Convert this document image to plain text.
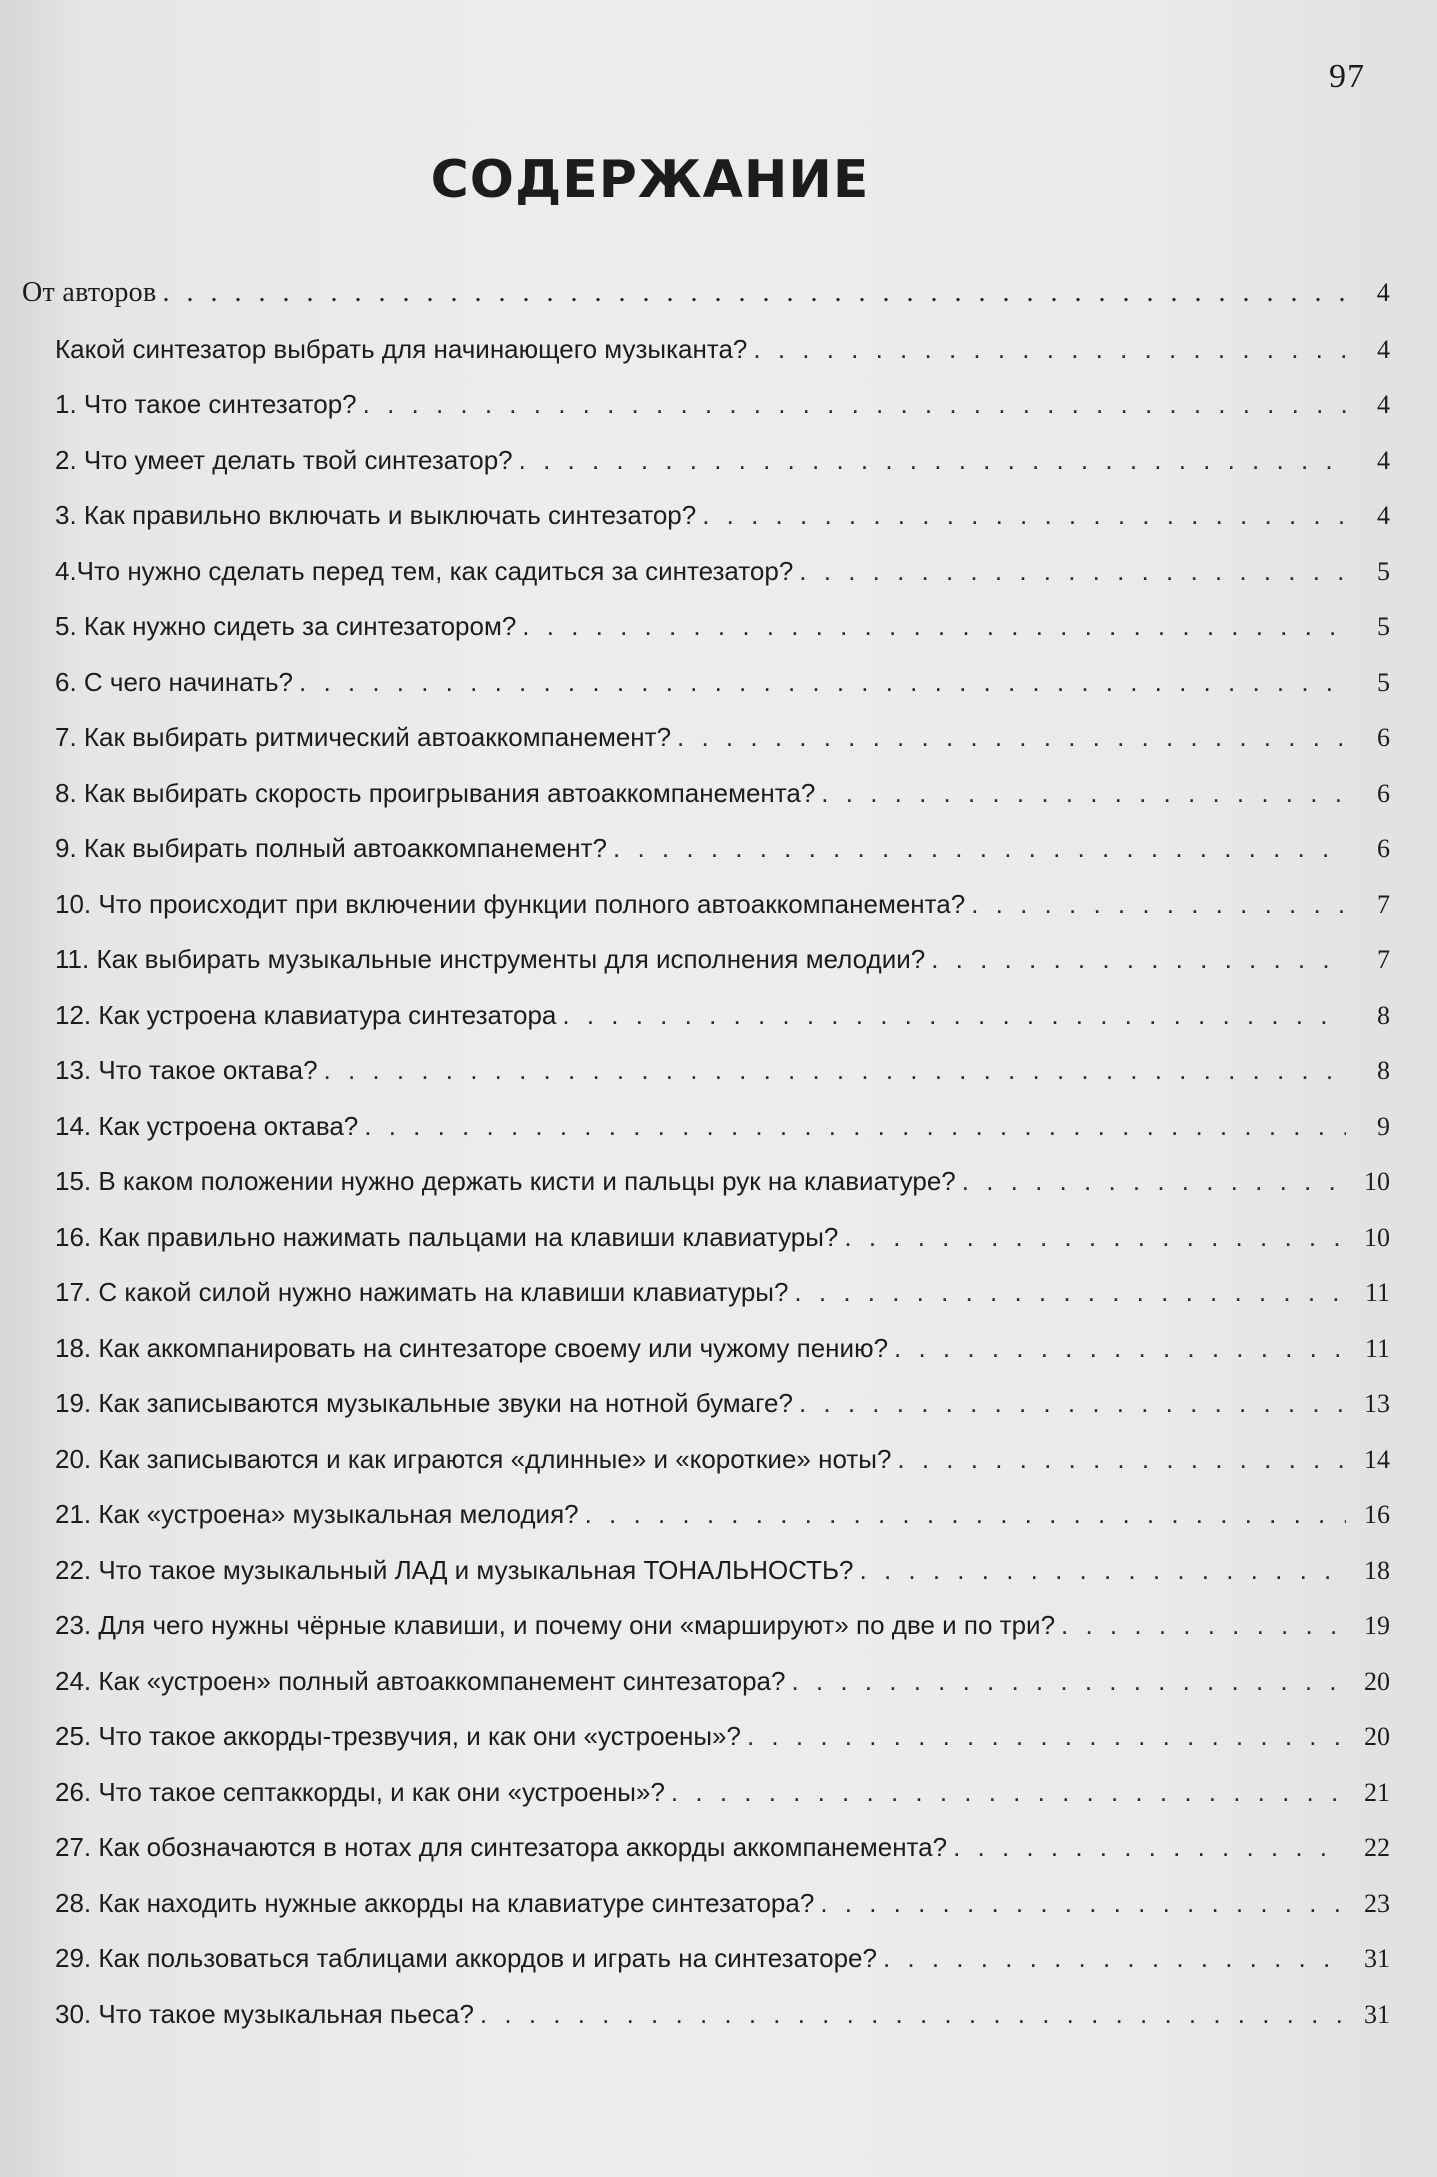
97
СОДЕРЖАНИЕ
От авторов . . .	4
Какой синтезатор выбрать для начинающего музыканта? . . .	4
1. Что такое синтезатор? . . .	4
2. Что умеет делать твой синтезатор? . . .	4
3. Как правильно включать и выключать синтезатор? . . .	4
4.Что нужно сделать перед тем, как садиться за синтезатор? . . .	5
5. Как нужно сидеть за синтезатором? . . .	5
6. С чего начинать? . . .	5
7. Как выбирать ритмический автоаккомпанемент? . . .	6
8. Как выбирать скорость проигрывания автоаккомпанемента? . . .	6
9. Как выбирать полный автоаккомпанемент? . . .	6
10. Что происходит при включении функции полного автоаккомпанемента? . . .	7
11. Как выбирать музыкальные инструменты для исполнения мелодии? . . .	7
12. Как устроена клавиатура синтезатора . . .	8
13. Что такое октава? . . .	8
14. Как устроена октава? . . .	9
15. В каком положении нужно держать кисти и пальцы рук на клавиатуре? . . .	10
16. Как правильно нажимать пальцами на клавиши клавиатуры? . . .	10
17. С какой силой нужно нажимать на клавиши клавиатуры? . . .	11
18. Как аккомпанировать на синтезаторе своему или чужому пению? . . .	11
19. Как записываются музыкальные звуки на нотной бумаге? . . .	13
20. Как записываются и как играются «длинные» и «короткие» ноты? . . .	14
21. Как «устроена» музыкальная мелодия? . . .	16
22. Что такое музыкальный ЛАД и музыкальная ТОНАЛЬНОСТЬ? . . .	18
23. Для чего нужны чёрные клавиши, и почему они «маршируют» по две и по три? . . .	19
24. Как «устроен» полный автоаккомпанемент синтезатора? . . .	20
25. Что такое аккорды-трезвучия, и как они «устроены»? . . .	20
26. Что такое септаккорды, и как они «устроены»? . . .	21
27. Как обозначаются в нотах для синтезатора аккорды аккомпанемента? . . .	22
28. Как находить нужные аккорды на клавиатуре синтезатора? . . .	23
29. Как пользоваться таблицами аккордов и играть на синтезаторе? . . .	31
30. Что такое музыкальная пьеса? . . .	31
